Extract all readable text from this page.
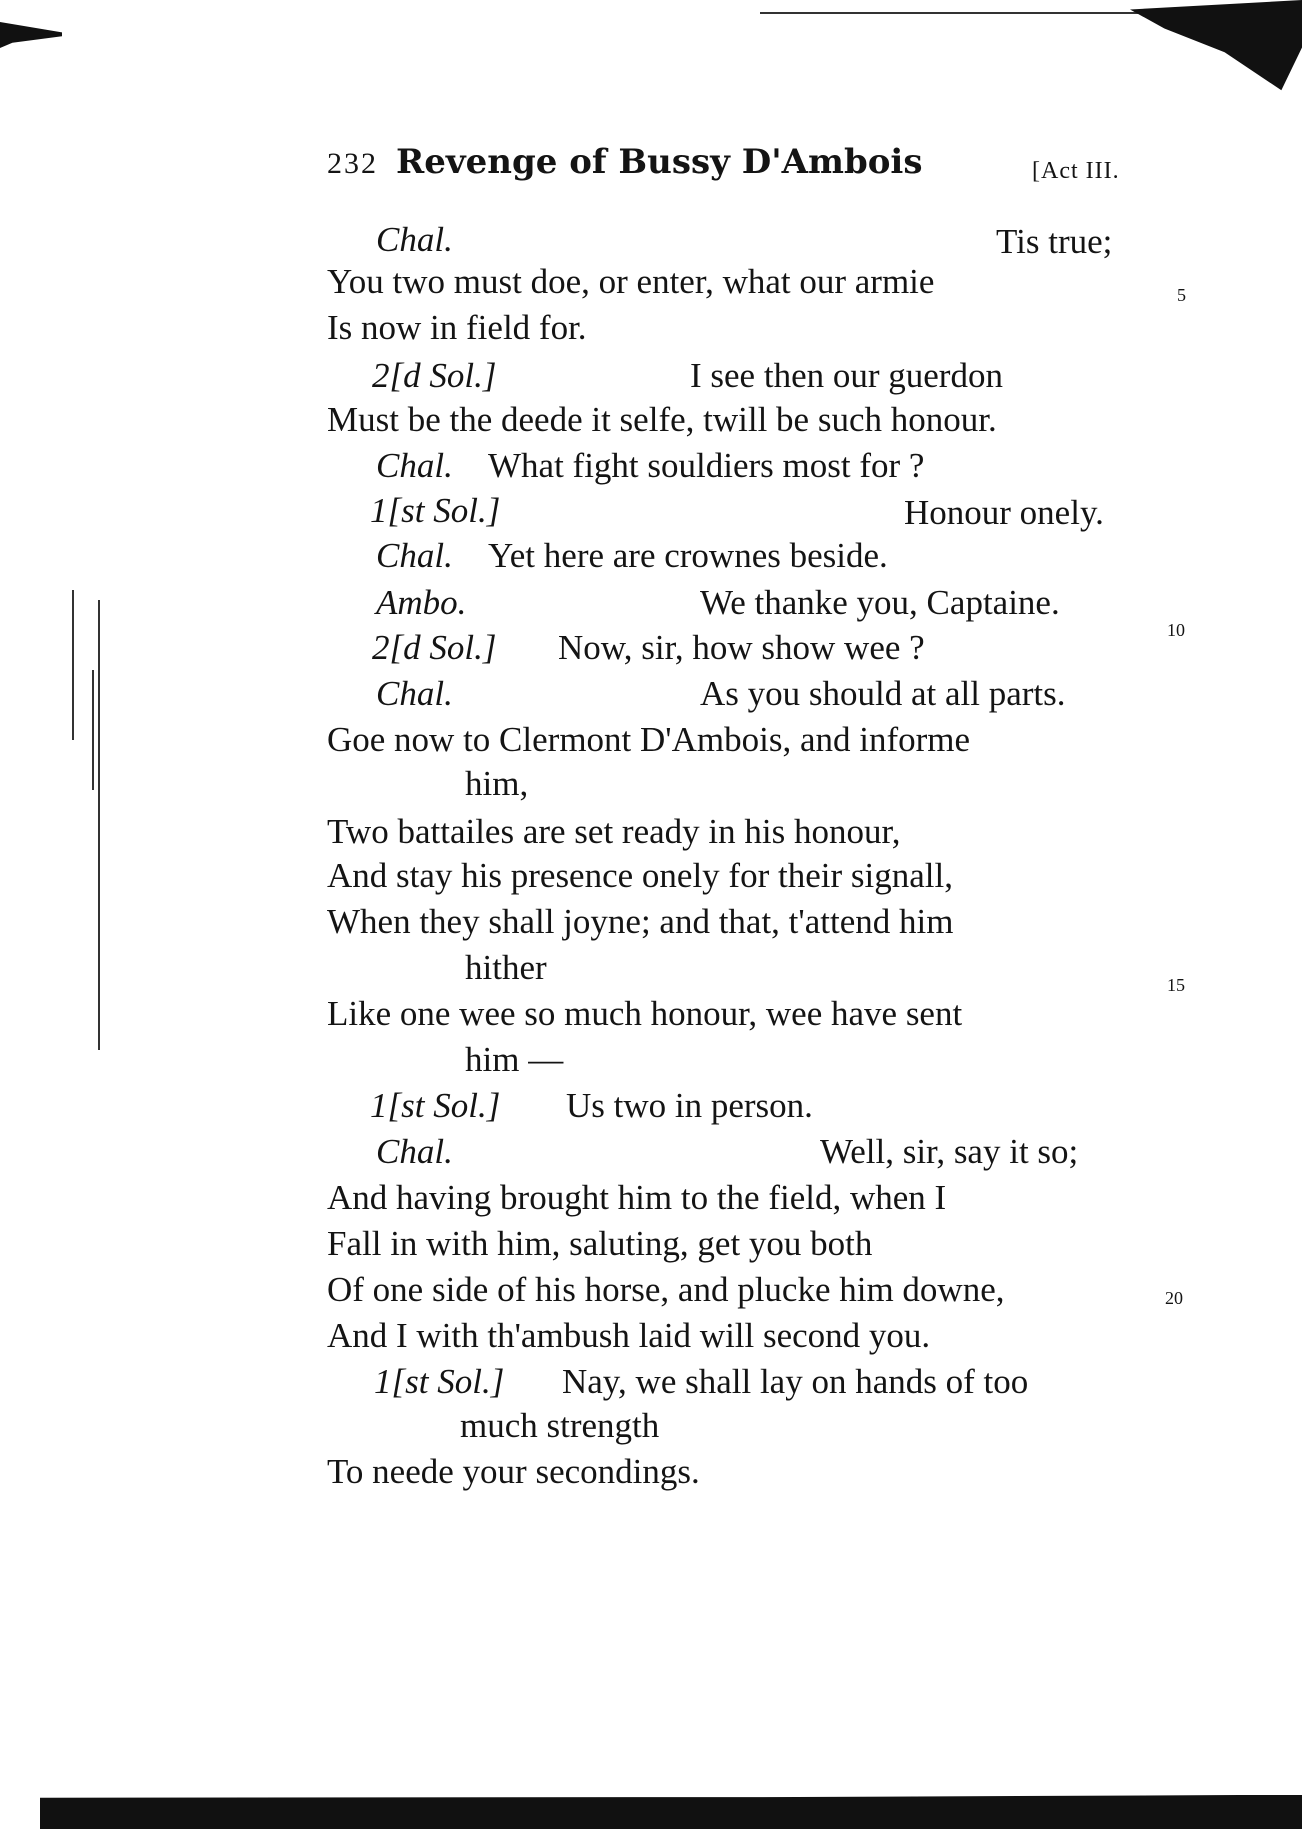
232 Revenge of Bussy D'Ambois	[Act III.
Chal.	Tis true;
You two must doe, or enter, what our armie
Is now in field for.
2[d Sol.]	I see then our guerdon
Must be the deede it selfe, twill be such honour.
Chal. What fight souldiers most for ?
1[st Sol.]	Honour onely.
Chal. Yet here are crownes beside.
Ambo.	We thanke you, Captaine.
2[d Sol.] Now, sir, how show wee ?
Chal.	As you should at all parts.
Goe now to Clermont D'Ambois, and informe
him,
Two battailes are set ready in his honour,
And stay his presence onely for their signall,
When they shall joyne; and that, t'attend him
hither
Like one wee so much honour, wee have sent
him —
1[st Sol.] Us two in person.
Chal.	Well, sir, say it so;
And having brought him to the field, when I
Fall in with him, saluting, get you both
Of one side of his horse, and plucke him downe,
And I with th'ambush laid will second you.
1[st Sol.] Nay, we shall lay on hands of too
much strength
To neede your secondings.
5
10
15
20
